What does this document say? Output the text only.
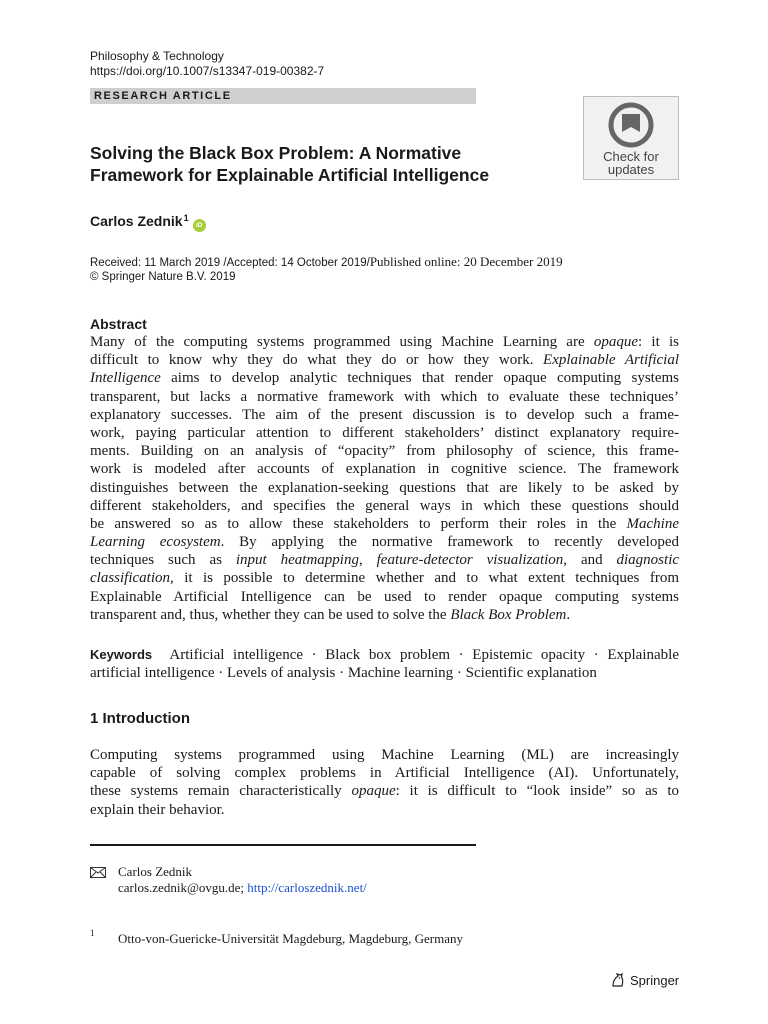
Philosophy & Technology
https://doi.org/10.1007/s13347-019-00382-7
RESEARCH ARTICLE
Check for
updates
Solving the Black Box Problem: A Normative
Framework for Explainable Artificial Intelligence
Carlos Zednik$^1$iD
Received: 11 March 2019 /Accepted: 14 October 2019/Published online: 20 December 2019
© Springer Nature B.V. 2019
Abstract
Many of the computing systems programmed using Machine Learning are opaque: it is
difficult to know why they do what they do or how they work. Explainable Artificial
Intelligence aims to develop analytic techniques that render opaque computing systems
transparent, but lacks a normative framework with which to evaluate these techniques’
explanatory successes. The aim of the present discussion is to develop such a frame-
work, paying particular attention to different stakeholders’ distinct explanatory require-
ments. Building on an analysis of “opacity” from philosophy of science, this frame-
work is modeled after accounts of explanation in cognitive science. The framework
distinguishes between the explanation-seeking questions that are likely to be asked by
different stakeholders, and specifies the general ways in which these questions should
be answered so as to allow these stakeholders to perform their roles in the Machine
Learning ecosystem. By applying the normative framework to recently developed
techniques such as input heatmapping, feature-detector visualization, and diagnostic
classification, it is possible to determine whether and to what extent techniques from
Explainable Artificial Intelligence can be used to render opaque computing systems
transparent and, thus, whether they can be used to solve the Black Box Problem.
Keywords Artificial intelligence · Black box problem · Epistemic opacity · Explainable
artificial intelligence · Levels of analysis · Machine learning · Scientific explanation
1 Introduction
Computing systems programmed using Machine Learning (ML) are increasingly
capable of solving complex problems in Artificial Intelligence (AI). Unfortunately,
these systems remain characteristically opaque: it is difficult to “look inside” so as to
explain their behavior.
Carlos Zednik
carlos.zednik@ovgu.de; http://carloszednik.net/
1 Otto-von-Guericke-Universität Magdeburg, Magdeburg, Germany
Springer
